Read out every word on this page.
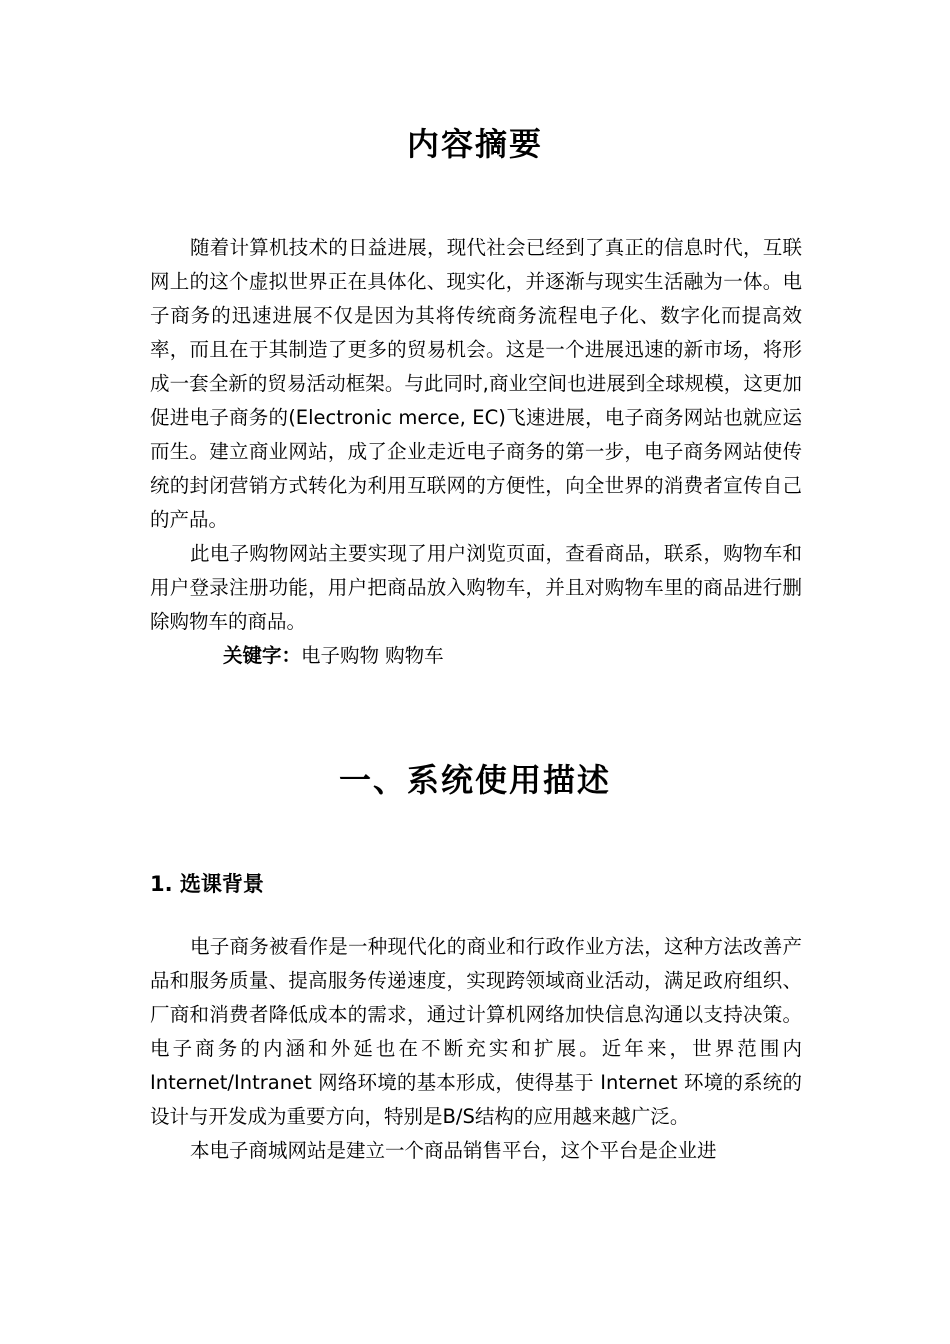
内容摘要

随着计算机技术的日益进展，现代社会已经到了真正的信息时代，互联网上的这个虚拟世界正在具体化、现实化，并逐渐与现实生活融为一体。电子商务的迅速进展不仅是因为其将传统商务流程电子化、数字化而提高效率，而且在于其制造了更多的贸易机会。这是一个进展迅速的新市场，将形成一套全新的贸易活动框架。与此同时,商业空间也进展到全球规模，这更加促进电子商务的(Electronic merce, EC)飞速进展，电子商务网站也就应运而生。建立商业网站，成了企业走近电子商务的第一步，电子商务网站使传统的封闭营销方式转化为利用互联网的方便性，向全世界的消费者宣传自己的产品。

此电子购物网站主要实现了用户浏览页面，查看商品，联系，购物车和用户登录注册功能，用户把商品放入购物车，并且对购物车里的商品进行删除购物车的商品。

关键字：电子购物 购物车

一、系统使用描述
1. 选课背景

电子商务被看作是一种现代化的商业和行政作业方法，这种方法改善产品和服务质量、提高服务传递速度，实现跨领域商业活动，满足政府组织、厂商和消费者降低成本的需求，通过计算机网络加快信息沟通以支持决策。电子商务的内涵和外延也在不断充实和扩展。近年来，世界范围内 Internet/Intranet 网络环境的基本形成，使得基于 Internet 环境的系统的设计与开发成为重要方向，特别是B/S结构的应用越来越广泛。

本电子商城网站是建立一个商品销售平台，这个平台是企业进
